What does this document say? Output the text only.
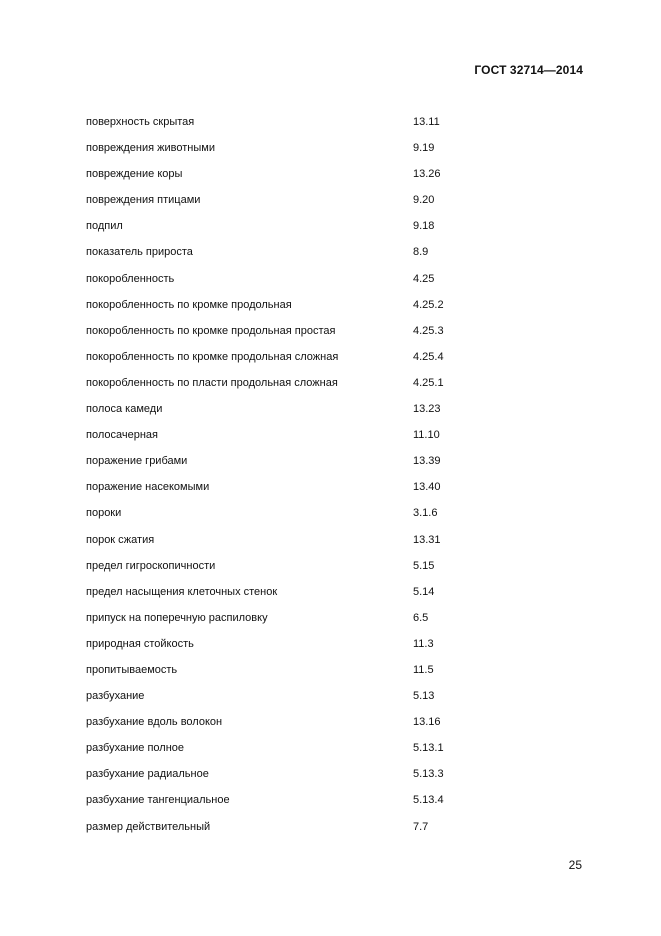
ГОСТ 32714—2014
поверхность скрытая	13.11
повреждения животными	9.19
повреждение коры	13.26
повреждения птицами	9.20
подпил	9.18
показатель прироста	8.9
покоробленность	4.25
покоробленность по кромке продольная	4.25.2
покоробленность по кромке продольная простая	4.25.3
покоробленность по кромке продольная сложная	4.25.4
покоробленность по пласти продольная сложная	4.25.1
полоса камеди	13.23
полосачерная	11.10
поражение грибами	13.39
поражение насекомыми	13.40
пороки	3.1.6
порок сжатия	13.31
предел гигроскопичности	5.15
предел насыщения клеточных стенок	5.14
припуск на поперечную распиловку	6.5
природная стойкость	11.3
пропитываемость	11.5
разбухание	5.13
разбухание вдоль волокон	13.16
разбухание полное	5.13.1
разбухание радиальное	5.13.3
разбухание тангенциальное	5.13.4
размер действительный	7.7
25
